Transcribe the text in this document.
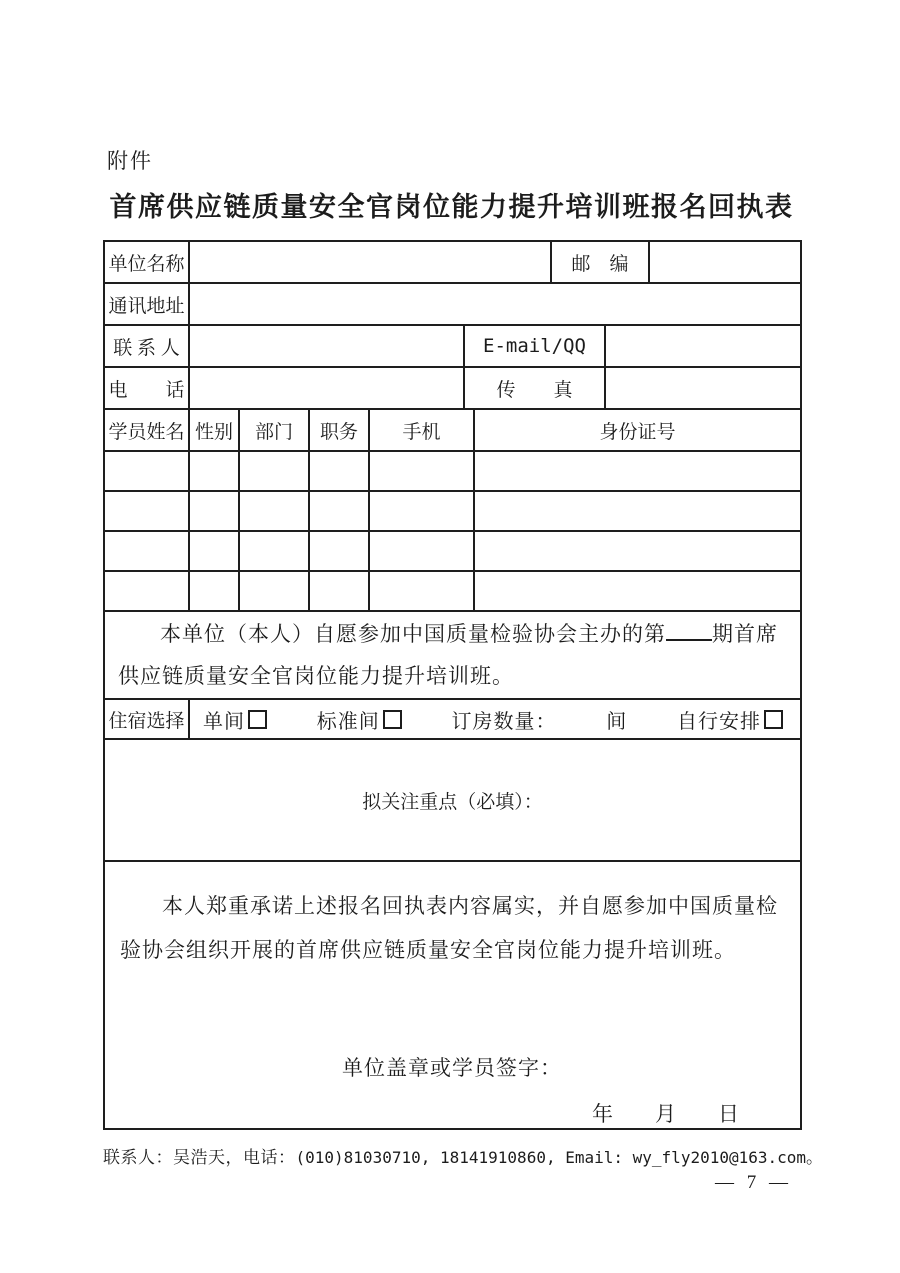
附件
首席供应链质量安全官岗位能力提升培训班报名回执表
单位名称							邮　编		
通讯地址									
联 系 人					E-mail/QQ				
电　　话					传　　真				
学员姓名	性别	部门	职务	手机		身份证号			

本单位（本人）自愿参加中国质量检验协会主办的第 期首席
供应链质量安全官岗位能力提升培训班。									

住宿选择	单间 标准间 订房数量： 间 自行安排								

拟关注重点（必填）：									

本人郑重承诺上述报名回执表内容属实，并自愿参加中国质量检
验协会组织开展的首席供应链质量安全官岗位能力提升培训班。
单位盖章或学员签字：
年　　月　　日									
联系人：吴浩天，电话：(010)81030710, 18141910860, Email: wy_fly2010@163.com。
— 7 —
